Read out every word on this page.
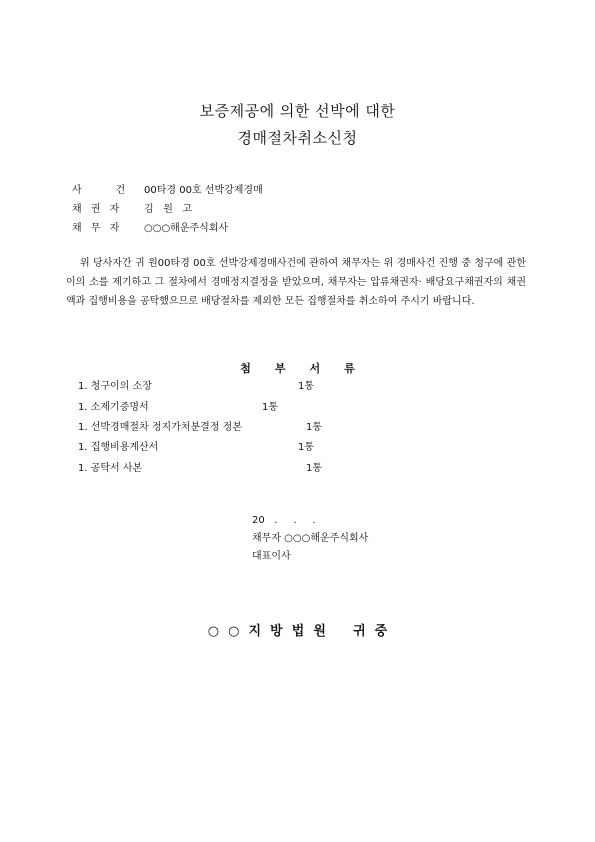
보증제공에 의한 선박에 대한
경매절차취소신청
사     건 00타경 00호 선박강제경매
채 권 자 김   원   고
채 무 자 ○○○해운주식회사
위 당사자간 귀 원00타경 00호 선박강제경매사건에 관하여 채무자는 위 경매사건 진행 중 청구에 관한 이의 소를 제기하고 그 절차에서 경매정지결정을 받았으며, 채무자는 압류채권자· 배당요구채권자의 채권액과 집행비용을 공탁했으므로 배당절차를 제외한 모든 집행절차를 취소하여 주시기 바랍니다.
첨부서류
1. 청구이의 소장	1통
1. 소제기증명서	1통
1. 선박경매절차 정지가처분결정 정본	1통
1. 집행비용계산서	1통
1. 공탁서 사본	1통
20   .     .     .
채무자 ○○○해운주식회사
대표이사
○  ○  지  방  법  원      귀  중
